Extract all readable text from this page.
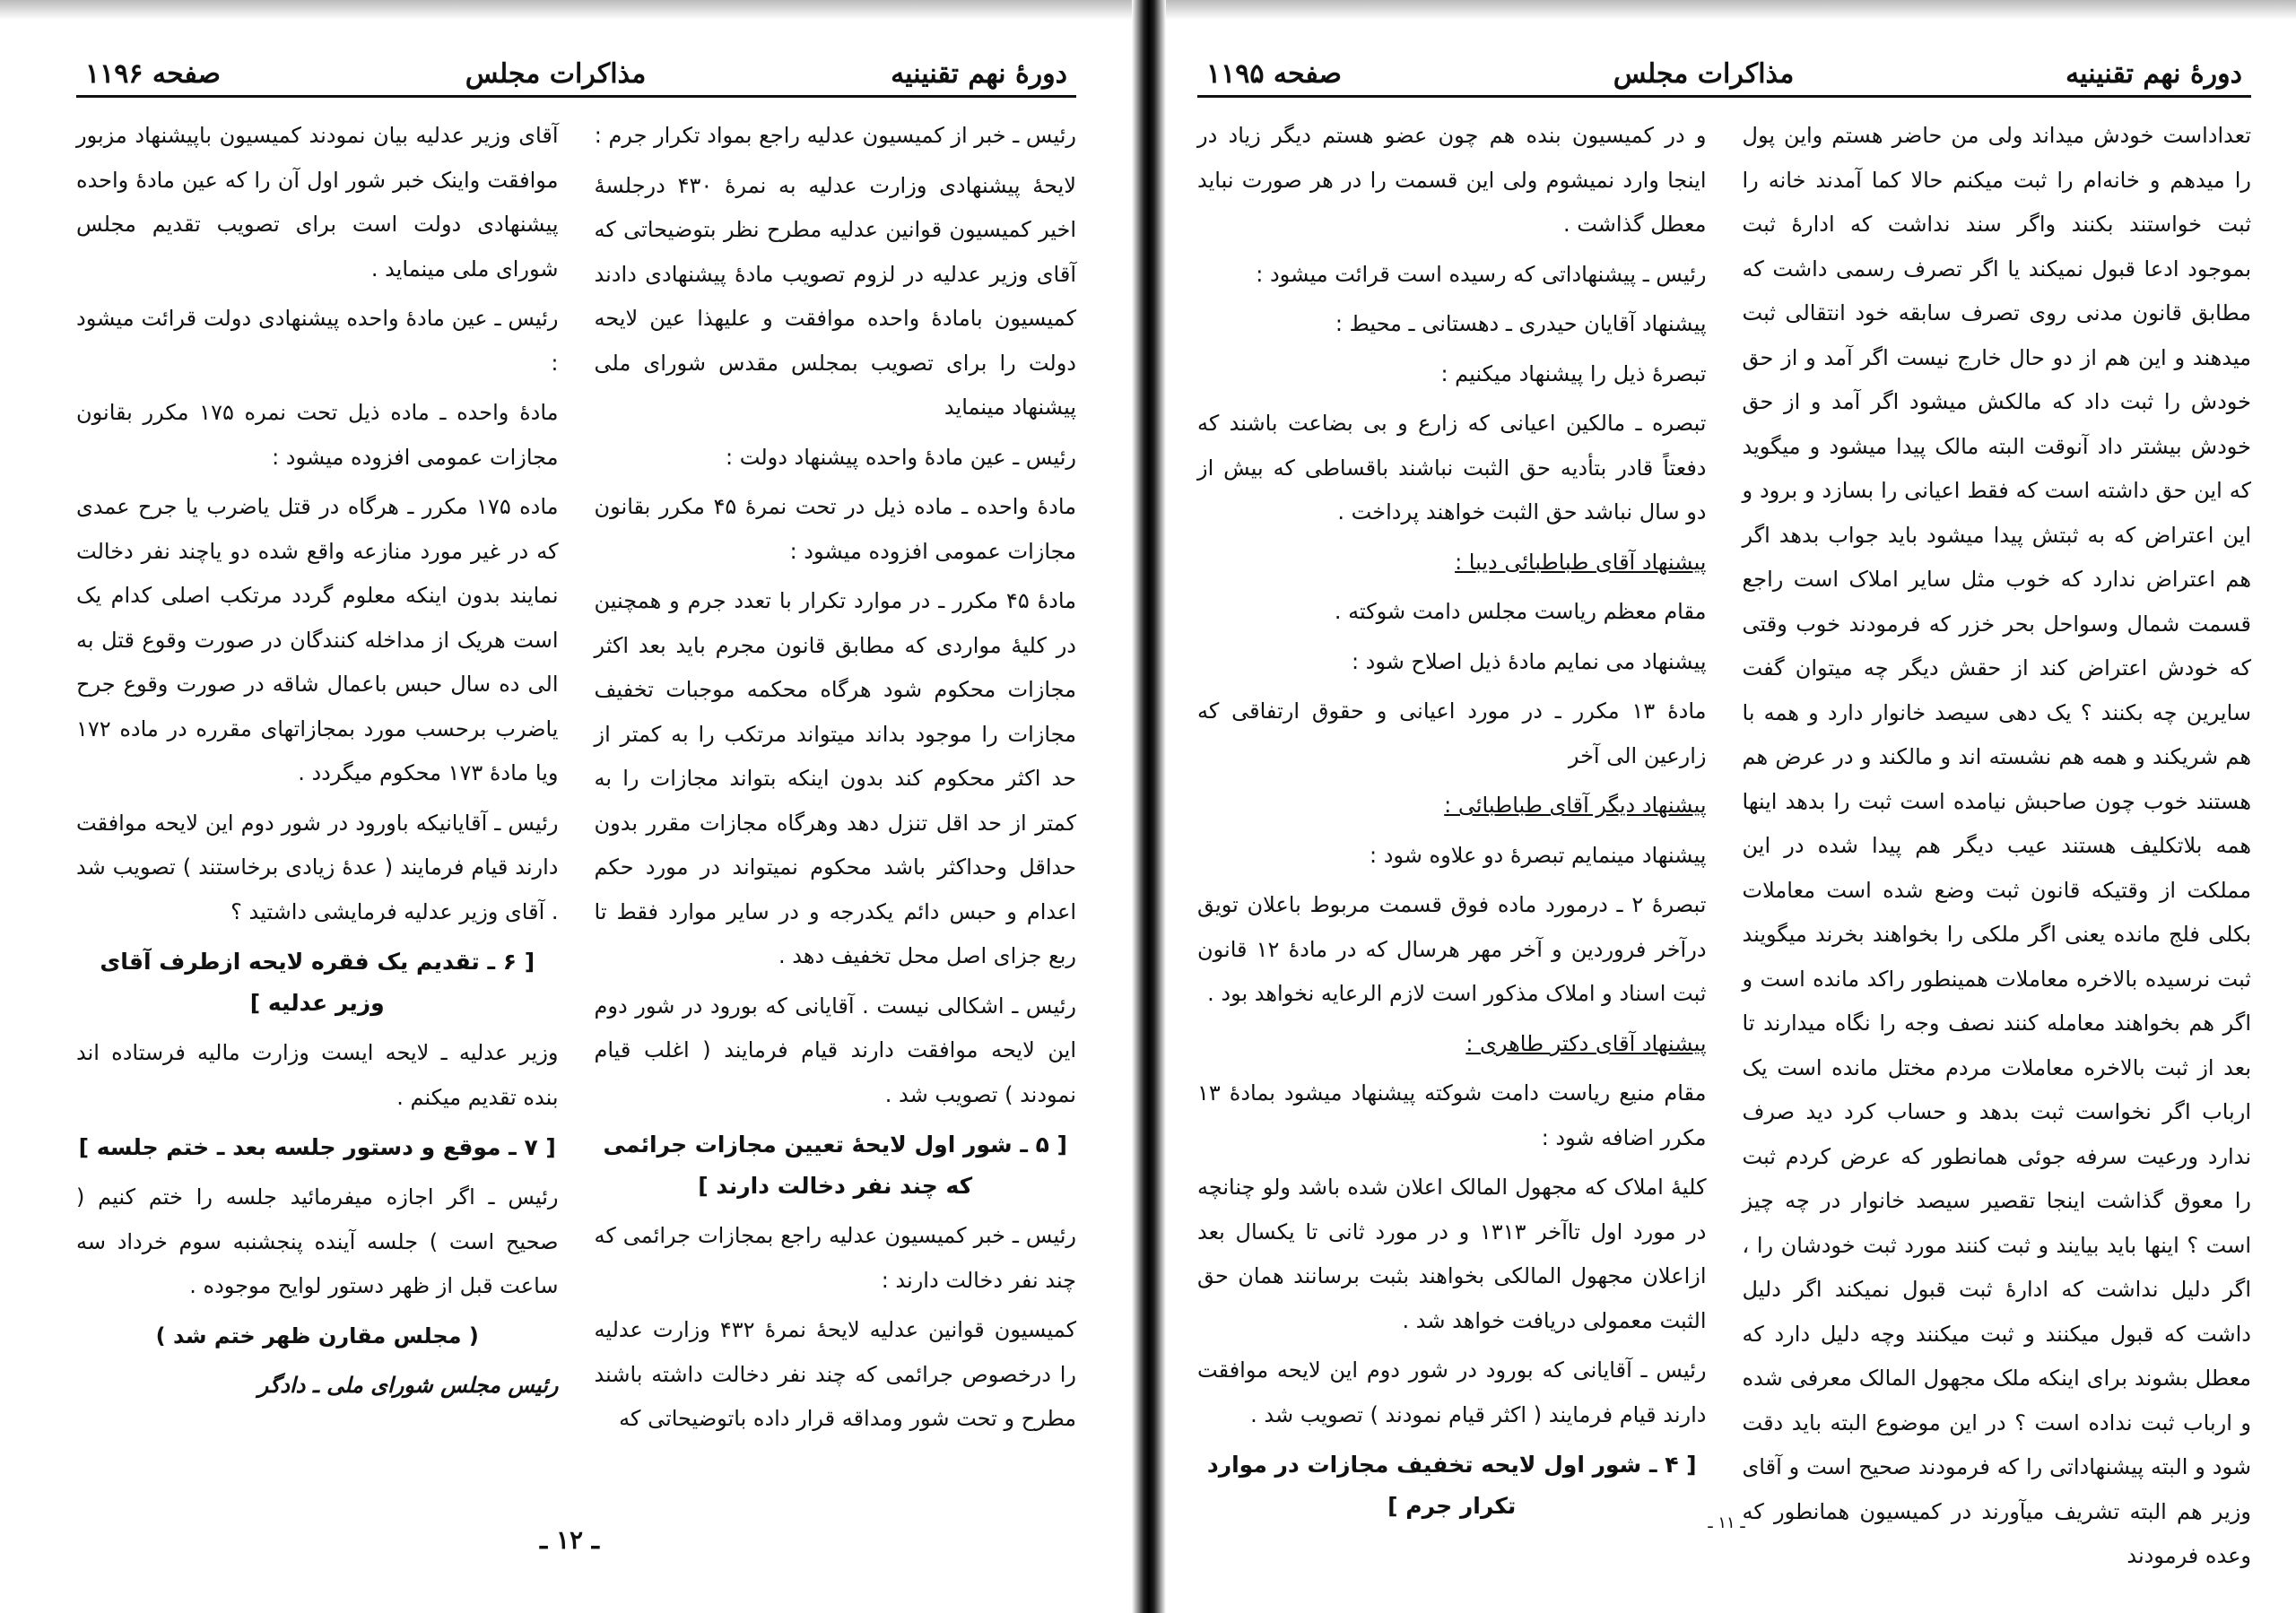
دورهٔ نهم تقنینیه
مذاکرات مجلس
صفحه ۱۱۹۶

رئیس ـ خبر از کمیسیون عدلیه راجع بمواد تکرار جرم :

لایحهٔ پیشنهادی وزارت عدلیه به نمرهٔ ۴۳۰ درجلسهٔ اخیر کمیسیون قوانین عدلیه مطرح نظر بتوضیحاتی که آقای وزیر عدلیه در لزوم تصویب مادهٔ پیشنهادی دادند کمیسیون بامادهٔ واحده موافقت و علیهذا عین لایحه دولت را برای تصویب بمجلس مقدس شورای ملی پیشنهاد مینماید

رئیس ـ عین مادهٔ واحده پیشنهاد دولت :

مادهٔ واحده ـ ماده ذیل در تحت نمرهٔ ۴۵ مکرر بقانون مجازات عمومی افزوده میشود :

مادهٔ ۴۵ مکرر ـ در موارد تکرار با تعدد جرم و همچنین در کلیهٔ مواردی که مطابق قانون مجرم باید بعد اکثر مجازات محکوم شود هرگاه محکمه موجبات تخفیف مجازات را موجود بداند میتواند مرتکب را به کمتر از حد اکثر محکوم کند بدون اینکه بتواند مجازات را به کمتر از حد اقل تنزل دهد وهرگاه مجازات مقرر بدون حداقل وحداکثر باشد محکوم نمیتواند در مورد حکم اعدام و حبس دائم یکدرجه و در سایر موارد فقط تا ربع جزای اصل محل تخفیف دهد .

رئیس ـ اشکالی نیست . آقایانی که بورود در شور دوم این لایحه موافقت دارند قیام فرمایند ( اغلب قیام نمودند ) تصویب شد .

[ ۵ ـ شور اول لایحهٔ تعیین مجازات جرائمی که چند نفر دخالت دارند ]

رئیس ـ خبر کمیسیون عدلیه راجع بمجازات جرائمی که چند نفر دخالت دارند :

کمیسیون قوانین عدلیه لایحهٔ نمرهٔ ۴۳۲ وزارت عدلیه را درخصوص جرائمی که چند نفر دخالت داشته باشند مطرح و تحت شور ومداقه قرار داده باتوضیحاتی که

آقای وزیر عدلیه بیان نمودند کمیسیون باپیشنهاد مزبور موافقت واینک خبر شور اول آن را که عین مادهٔ واحده پیشنهادی دولت است برای تصویب تقدیم مجلس شورای ملی مینماید .

رئیس ـ عین مادهٔ واحده پیشنهادی دولت قرائت میشود :

مادهٔ واحده ـ ماده ذیل تحت نمره ۱۷۵ مکرر بقانون مجازات عمومی افزوده میشود :

ماده ۱۷۵ مکرر ـ هرگاه در قتل یاضرب یا جرح عمدی که در غیر مورد منازعه واقع شده دو یاچند نفر دخالت نمایند بدون اینکه معلوم گردد مرتکب اصلی کدام یک است هریک از مداخله کنندگان در صورت وقوع قتل به الی ده سال حبس باعمال شاقه در صورت وقوع جرح یاضرب برحسب مورد بمجازاتهای مقرره در ماده ۱۷۲ ویا مادهٔ ۱۷۳ محکوم میگردد .

رئیس ـ آقایانیکه باورود در شور دوم این لایحه موافقت دارند قیام فرمایند ( عدهٔ زیادی برخاستند ) تصویب شد . آقای وزیر عدلیه فرمایشی داشتید ؟

[ ۶ ـ تقدیم یک فقره لایحه ازطرف آقای وزیر عدلیه ]

وزیر عدلیه ـ لایحه ایست وزارت مالیه فرستاده اند بنده تقدیم میکنم .

[ ۷ ـ موقع و دستور جلسه بعد ـ ختم جلسه ]

رئیس ـ اگر اجازه میفرمائید جلسه را ختم کنیم ( صحیح است ) جلسه آینده پنجشنبه سوم خرداد سه ساعت قبل از ظهر دستور لوایح موجوده .

( مجلس مقارن ظهر ختم شد )

رئیس مجلس شورای ملی ـ دادگر

ـ ۱۲ ـ
دورهٔ نهم تقنینیه
مذاکرات مجلس
صفحه ۱۱۹۵

تعداداست خودش میداند ولی من حاضر هستم واین پول را میدهم و خانه‌ام را ثبت میکنم حالا کما آمدند خانه را ثبت خواستند بکنند واگر سند نداشت که ادارهٔ ثبت بموجود ادعا قبول نمیکند یا اگر تصرف رسمی داشت که مطابق قانون مدنی روی تصرف سابقه خود انتقالی ثبت میدهند و این هم از دو حال خارج نیست اگر آمد و از حق خودش را ثبت داد که مالکش میشود اگر آمد و از حق خودش بیشتر داد آنوقت البته مالک پیدا میشود و میگوید که این حق داشته است که فقط اعیانی را بسازد و برود و این اعتراض که به ثبتش پیدا میشود باید جواب بدهد اگر هم اعتراض ندارد که خوب مثل سایر املاک است راجع قسمت شمال وسواحل بحر خزر که فرمودند خوب وقتی که خودش اعتراض کند از حقش دیگر چه میتوان گفت سایرین چه بکنند ؟ یک دهی سیصد خانوار دارد و همه با هم شریکند و همه هم نشسته اند و مالکند و در عرض هم هستند خوب چون صاحبش نیامده است ثبت را بدهد اینها همه بلاتکلیف هستند عیب دیگر هم پیدا شده در این مملکت از وقتیکه قانون ثبت وضع شده است معاملات بکلی فلج مانده یعنی اگر ملکی را بخواهند بخرند میگویند ثبت نرسیده بالاخره معاملات همینطور راکد مانده است و اگر هم بخواهند معامله کنند نصف وجه را نگاه میدارند تا بعد از ثبت بالاخره معاملات مردم مختل مانده است یک ارباب اگر نخواست ثبت بدهد و حساب کرد دید صرف ندارد ورعیت سرفه جوئی همانطور که عرض کردم ثبت را معوق گذاشت اینجا تقصیر سیصد خانوار در چه چیز است ؟ اینها باید بیایند و ثبت کنند مورد ثبت خودشان را ، اگر دلیل نداشت که ادارهٔ ثبت قبول نمیکند اگر دلیل داشت که قبول میکنند و ثبت میکنند وچه دلیل دارد که معطل بشوند برای اینکه ملک مجهول المالک معرفی شده و ارباب ثبت نداده است ؟ در این موضوع البته باید دقت شود و البته پیشنهاداتی را که فرمودند صحیح است و آقای وزیر هم البته تشریف میآورند در کمیسیون همانطور که وعده فرمودند

و در کمیسیون بنده هم چون عضو هستم دیگر زیاد در اینجا وارد نمیشوم ولی این قسمت را در هر صورت نباید معطل گذاشت .

رئیس ـ پیشنهاداتی که رسیده است قرائت میشود :

پیشنهاد آقایان حیدری ـ دهستانی ـ محیط :

تبصرهٔ ذیل را پیشنهاد میکنیم :

تبصره ـ مالکین اعیانی که زارع و بی بضاعت باشند که دفعتاً قادر بتأدیه حق الثبت نباشند باقساطی که بیش از دو سال نباشد حق الثبت خواهند پرداخت .

پیشنهاد آقای طباطبائی دیبا :

مقام معظم ریاست مجلس دامت شوکته .

پیشنهاد می نمایم مادهٔ ذیل اصلاح شود :

مادهٔ ۱۳ مکرر ـ در مورد اعیانی و حقوق ارتفاقی که زارعین الی آخر

پیشنهاد دیگر آقای طباطبائی :

پیشنهاد مینمایم تبصرهٔ دو علاوه شود :

تبصرهٔ ۲ ـ درمورد ماده فوق قسمت مربوط باعلان تویق درآخر فروردین و آخر مهر هرسال که در مادهٔ ۱۲ قانون ثبت اسناد و املاک مذکور است لازم الرعایه نخواهد بود .

پیشنهاد آقای دکتر طاهری :

مقام منیع ریاست دامت شوکته پیشنهاد میشود بمادهٔ ۱۳ مکرر اضافه شود :

کلیهٔ املاک که مجهول المالک اعلان شده باشد ولو چنانچه در مورد اول تاآخر ۱۳۱۳ و در مورد ثانی تا یکسال بعد ازاعلان مجهول المالکی بخواهند بثبت برسانند همان حق الثبت معمولی دریافت خواهد شد .

رئیس ـ آقایانی که بورود در شور دوم این لایحه موافقت دارند قیام فرمایند ( اکثر قیام نمودند ) تصویب شد .

[ ۴ ـ شور اول لایحه تخفیف مجازات در موارد تکرار جرم ]
ـ ۱۱ ـ
